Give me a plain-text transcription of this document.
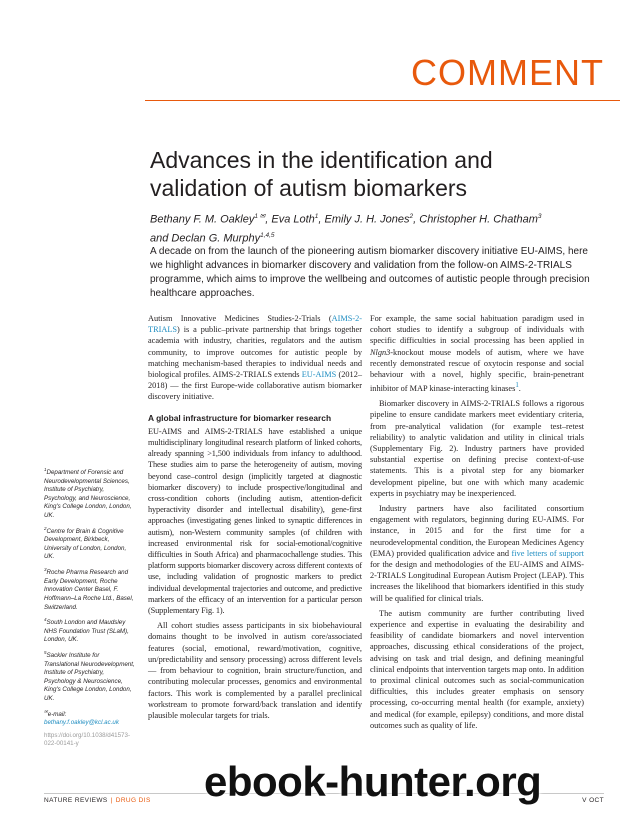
COMMENT
Advances in the identification and validation of autism biomarkers
Bethany F. M. Oakley$^{1 ✉}$, Eva Loth$^1$, Emily J. H. Jones$^2$, Christopher H. Chatham$^3$
and Declan G. Murphy$^{1,4,5}$
A decade on from the launch of the pioneering autism biomarker discovery initiative EU-AIMS, here we highlight advances in biomarker discovery and validation from the follow-on AIMS-2-TRIALS programme, which aims to improve the wellbeing and outcomes of autistic people through precision healthcare approaches.

Autism Innovative Medicines Studies-2-Trials (AIMS-2-TRIALS) is a public–private partnership that brings together academia with industry, charities, regulators and the autism community, to improve outcomes for autistic people by matching mechanism-based therapies to individual needs and biological profiles. AIMS-2-TRIALS extends EU-AIMS (2012–2018) — the first Europe-wide collaborative autism biomarker discovery initiative.

A global infrastructure for biomarker research

EU-AIMS and AIMS-2-TRIALS have established a unique multidisciplinary longitudinal research platform of linked cohorts, already spanning >1,500 individuals from infancy to adulthood. These studies aim to parse the heterogeneity of autism, moving beyond case–control design (implicitly targeted at diagnostic biomarker discovery) to include prospective/longitudinal and cross-condition cohorts (including autism, attention-deficit hyperactivity disorder and intellectual disability), gene-first approaches (investigating genes linked to synaptic differences in autism), non-Western community samples (of children with increased environmental risk for social-emotional/cognitive difficulties in South Africa) and pharmacochallenge studies. This platform supports biomarker discovery across different contexts of use, including validation of prognostic markers to predict individual developmental trajectories and outcome, and predictive markers of the efficacy of an intervention for a particular person (Supplementary Fig. 1).

All cohort studies assess participants in six biobehavioural domains thought to be involved in autism core/associated features (social, emotional, reward/motivation, cognitive, un/predictability and sensory processing) across different levels — from behaviour to cognition, brain structure/function, and contributing molecular processes, genomics and environmental factors. This work is complemented by a parallel preclinical workstream to promote forward/back translation and identify plausible molecular targets for trials.

For example, the same social habituation paradigm used in cohort studies to identify a subgroup of individuals with specific difficulties in social processing has been applied in Nlgn3-knockout mouse models of autism, where we have recently demonstrated rescue of oxytocin response and social behaviour with a novel, highly specific, brain-penetrant inhibitor of MAP kinase-interacting kinases$^1$.

Biomarker discovery in AIMS-2-TRIALS follows a rigorous pipeline to ensure candidate markers meet evidentiary criteria, from pre-analytical validation (for example test–retest reliability) to analytic validation and utility in clinical trials (Supplementary Fig. 2). Industry partners have provided substantial expertise on defining precise context-of-use statements. This is a pivotal step for any biomarker development pipeline, but one with which many academic experts in psychiatry may be inexperienced.

Industry partners have also facilitated consortium engagement with regulators, beginning during EU-AIMS. For instance, in 2015 and for the first time for a neurodevelopmental condition, the European Medicines Agency (EMA) provided qualification advice and five letters of support for the design and methodologies of the EU-AIMS and AIMS-2-TRIALS Longitudinal European Autism Project (LEAP). This increases the likelihood that biomarkers identified in this study will be qualified for clinical trials.

The autism community are further contributing lived experience and expertise in evaluating the desirability and feasibility of candidate biomarkers and novel intervention approaches, discussing ethical considerations of the project, advising on task and trial design, and defining meaningful clinical endpoints that intervention targets map onto. In addition to proximal clinical outcomes such as social-communication difficulties, this includes greater emphasis on sensory processing, co-occurring mental health (for example, anxiety) and medical (for example, epilepsy) conditions, and more distal outcomes such as quality of life.

$^1$Department of Forensic and Neurodevelopmental Sciences, Institute of Psychiatry, Psychology, and Neuroscience, King's College London, London, UK.
$^2$Centre for Brain & Cognitive Development, Birkbeck, University of London, London, UK.
$^3$Roche Pharma Research and Early Development, Roche Innovation Center Basel, F. Hoffmann–La Roche Ltd., Basel, Switzerland.
$^4$South London and Maudsley NHS Foundation Trust (SLaM), London, UK.
$^5$Sackler Institute for Translational Neurodevelopment, Institute of Psychiatry, Psychology & Neuroscience, King's College London, London, UK.
✉e-mail: bethany.f.oakley@kcl.ac.uk
https://doi.org/10.1038/d41573-022-00141-y
NATURE REVIEWS | DRUG DIS	V OCT
ebook-hunter.org
